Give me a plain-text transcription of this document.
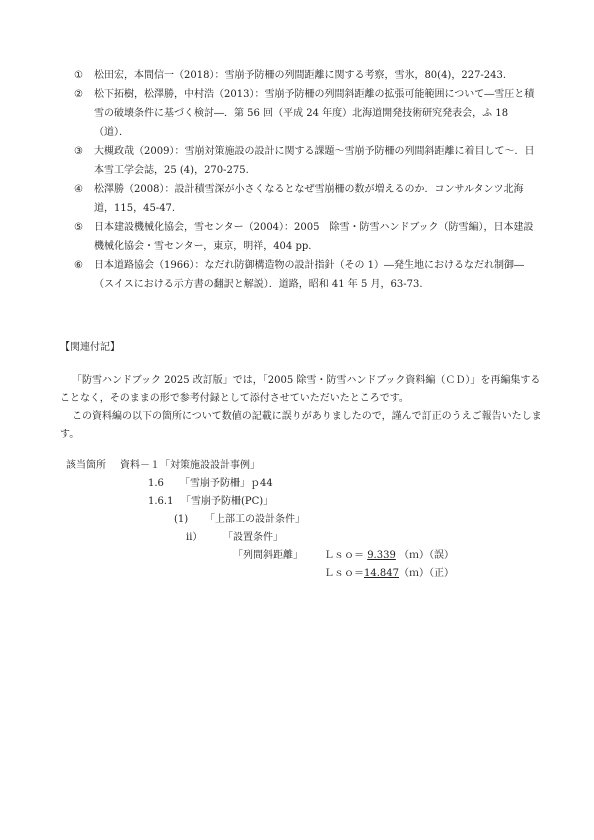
①	松田宏，本間信一（2018）：雪崩予防柵の列間距離に関する考察，雪氷，80(4)，227-243.
②	松下拓樹，松澤勝，中村浩（2013）：雪崩予防柵の列間斜距離の拡張可能範囲について―雪圧と積雪の破壊条件に基づく検討―．第 56 回（平成 24 年度）北海道開発技術研究発表会，ふ 18（道）．
③	大槻政哉（2009）：雪崩対策施設の設計に関する課題～雪崩予防柵の列間斜距離に着目して～．日本雪工学会誌，25 (4)，270-275.
④	松澤勝（2008）：設計積雪深が小さくなるとなぜ雪崩柵の数が増えるのか．コンサルタンツ北海道，115，45-47.
⑤	日本建設機械化協会，雪センター（2004）：2005　除雪・防雪ハンドブック（防雪編），日本建設機械化協会・雪センター，東京，明祥，404 pp.
⑥	日本道路協会（1966）：なだれ防御構造物の設計指針（その 1）―発生地におけるなだれ制御―（スイスにおける示方書の翻訳と解説）．道路，昭和 41 年 5 月，63-73.
【関連付記】
「防雪ハンドブック 2025 改訂版」では，「2005 除雪・防雪ハンドブック資料編（ＣＤ）」を再編集することなく，そのままの形で参考付録として添付させていただいたところです。
この資料編の以下の箇所について数値の記載に誤りがありましたので，謹んで訂正のうえご報告いたします。
該当箇所 資料－１「対策施設設計事例」
1.6 「雪崩予防柵」ｐ44
1.6.1 「雪崩予防柵(PC)」
(1) 「上部工の設計条件」
ⅱ） 「設置条件」
「列間斜距離」 Ｌｓｏ＝ 9.339 （ｍ）（誤）
Ｌｓｏ＝14.847（ｍ）（正）
